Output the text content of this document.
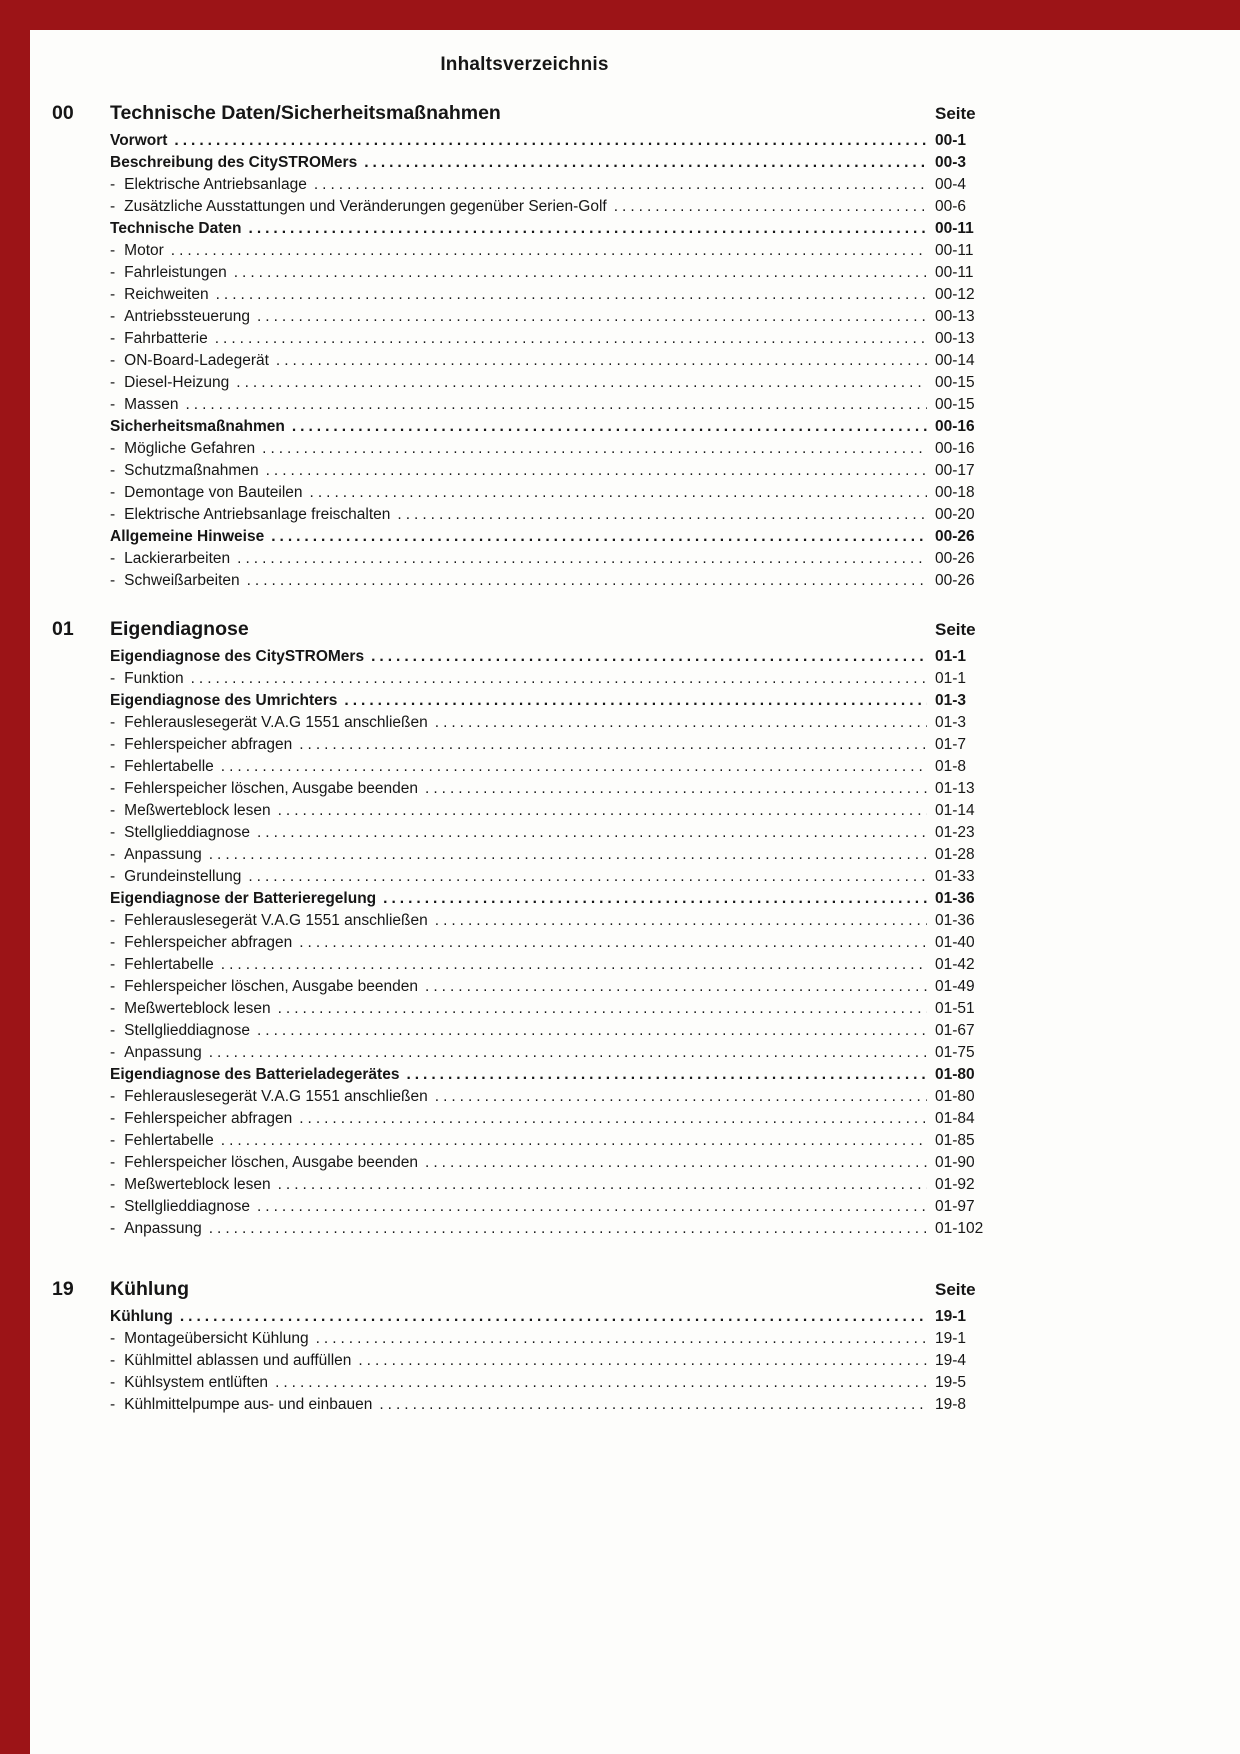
Inhaltsverzeichnis
00	Technische Daten/Sicherheitsmaßnahmen	Seite
Vorwort .....	00-1
Beschreibung des CitySTROMers .....	00-3
- Elektrische Antriebsanlage .....	00-4
- Zusätzliche Ausstattungen und Veränderungen gegenüber Serien-Golf .....	00-6
Technische Daten .....	00-11
- Motor .....	00-11
- Fahrleistungen .....	00-11
- Reichweiten .....	00-12
- Antriebssteuerung .....	00-13
- Fahrbatterie .....	00-13
- ON-Board-Ladegerät .....	00-14
- Diesel-Heizung .....	00-15
- Massen .....	00-15
Sicherheitsmaßnahmen .....	00-16
- Mögliche Gefahren .....	00-16
- Schutzmaßnahmen .....	00-17
- Demontage von Bauteilen .....	00-18
- Elektrische Antriebsanlage freischalten .....	00-20
Allgemeine Hinweise .....	00-26
- Lackierarbeiten .....	00-26
- Schweißarbeiten .....	00-26
01	Eigendiagnose	Seite
Eigendiagnose des CitySTROMers .....	01-1
- Funktion .....	01-1
Eigendiagnose des Umrichters .....	01-3
- Fehlerauslesegerät V.A.G 1551 anschließen .....	01-3
- Fehlerspeicher abfragen .....	01-7
- Fehlertabelle .....	01-8
- Fehlerspeicher löschen, Ausgabe beenden .....	01-13
- Meßwerteblock lesen .....	01-14
- Stellglieddiagnose .....	01-23
- Anpassung .....	01-28
- Grundeinstellung .....	01-33
Eigendiagnose der Batterieregelung .....	01-36
- Fehlerauslesegerät V.A.G 1551 anschließen .....	01-36
- Fehlerspeicher abfragen .....	01-40
- Fehlertabelle .....	01-42
- Fehlerspeicher löschen, Ausgabe beenden .....	01-49
- Meßwerteblock lesen .....	01-51
- Stellglieddiagnose .....	01-67
- Anpassung .....	01-75
Eigendiagnose des Batterieladegerätes .....	01-80
- Fehlerauslesegerät V.A.G 1551 anschließen .....	01-80
- Fehlerspeicher abfragen .....	01-84
- Fehlertabelle .....	01-85
- Fehlerspeicher löschen, Ausgabe beenden .....	01-90
- Meßwerteblock lesen .....	01-92
- Stellglieddiagnose .....	01-97
- Anpassung .....	01-102
19	Kühlung	Seite
Kühlung .....	19-1
- Montageübersicht Kühlung .....	19-1
- Kühlmittel ablassen und auffüllen .....	19-4
- Kühlsystem entlüften .....	19-5
- Kühlmittelpumpe aus- und einbauen .....	19-8
